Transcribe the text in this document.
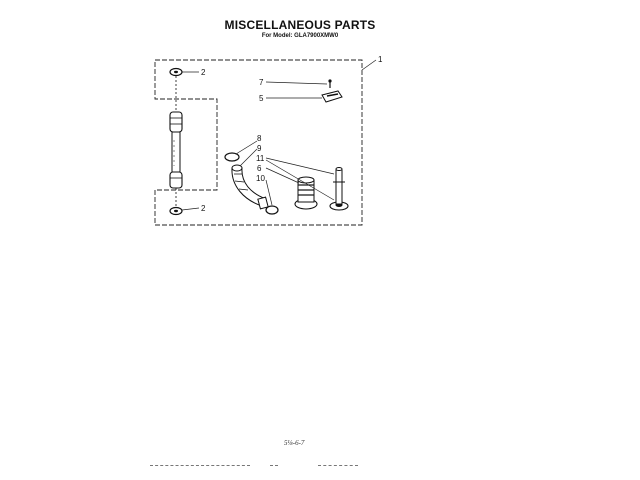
MISCELLANEOUS PARTS
For Model: GLA7900XMW0
1
2
2
7
5
8
9
11
6
10
5⅛-6-7
